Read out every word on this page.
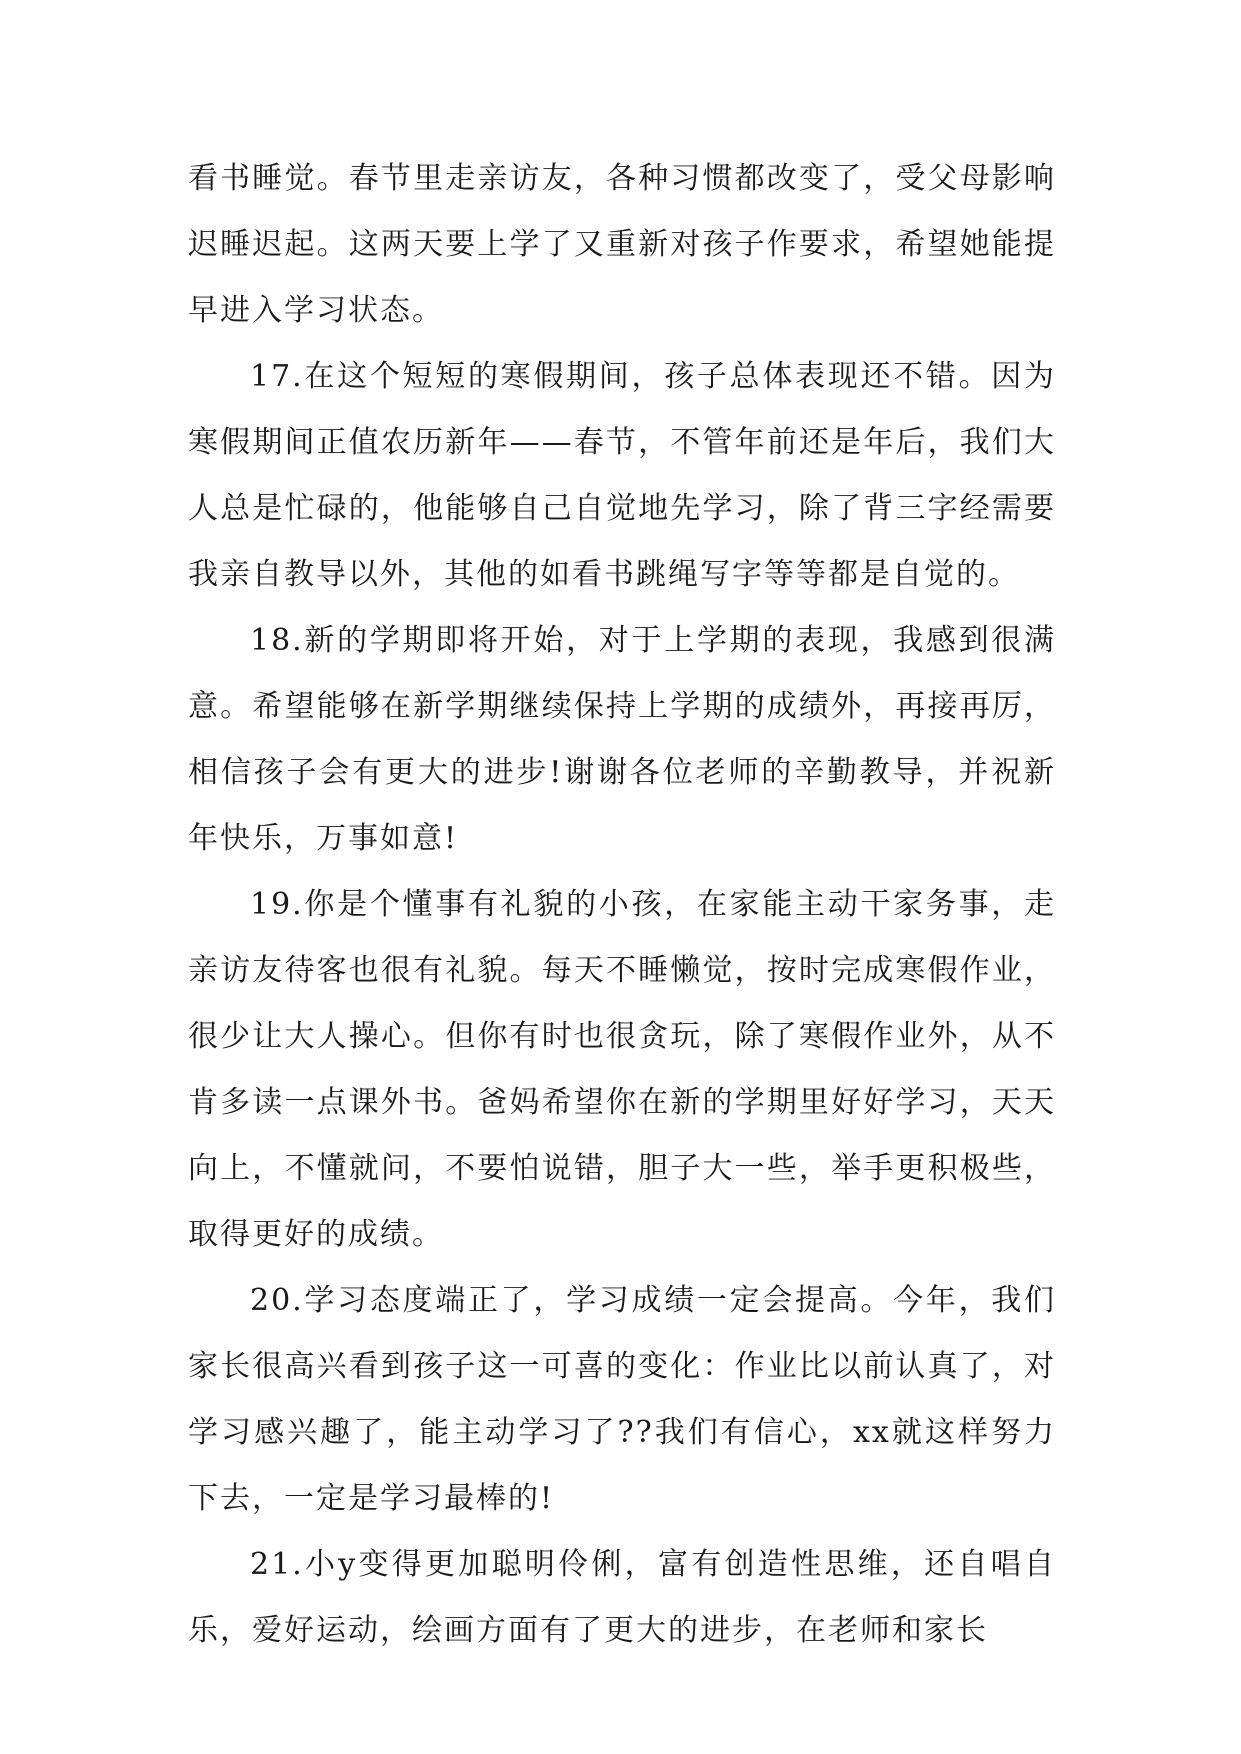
看书睡觉。春节里走亲访友，各种习惯都改变了，受父母影响迟睡迟起。这两天要上学了又重新对孩子作要求，希望她能提早进入学习状态。

17.在这个短短的寒假期间，孩子总体表现还不错。因为寒假期间正值农历新年——春节，不管年前还是年后，我们大人总是忙碌的，他能够自己自觉地先学习，除了背三字经需要我亲自教导以外，其他的如看书跳绳写字等等都是自觉的。

18.新的学期即将开始，对于上学期的表现，我感到很满意。希望能够在新学期继续保持上学期的成绩外，再接再厉，相信孩子会有更大的进步!谢谢各位老师的辛勤教导，并祝新年快乐，万事如意!

19.你是个懂事有礼貌的小孩，在家能主动干家务事，走亲访友待客也很有礼貌。每天不睡懒觉，按时完成寒假作业，很少让大人操心。但你有时也很贪玩，除了寒假作业外，从不肯多读一点课外书。爸妈希望你在新的学期里好好学习，天天向上，不懂就问，不要怕说错，胆子大一些，举手更积极些，取得更好的成绩。

20.学习态度端正了，学习成绩一定会提高。今年，我们家长很高兴看到孩子这一可喜的变化：作业比以前认真了，对学习感兴趣了，能主动学习了??我们有信心，xx就这样努力下去，一定是学习最棒的!

21.小y变得更加聪明伶俐，富有创造性思维，还自唱自乐，爱好运动，绘画方面有了更大的进步，在老师和家长
